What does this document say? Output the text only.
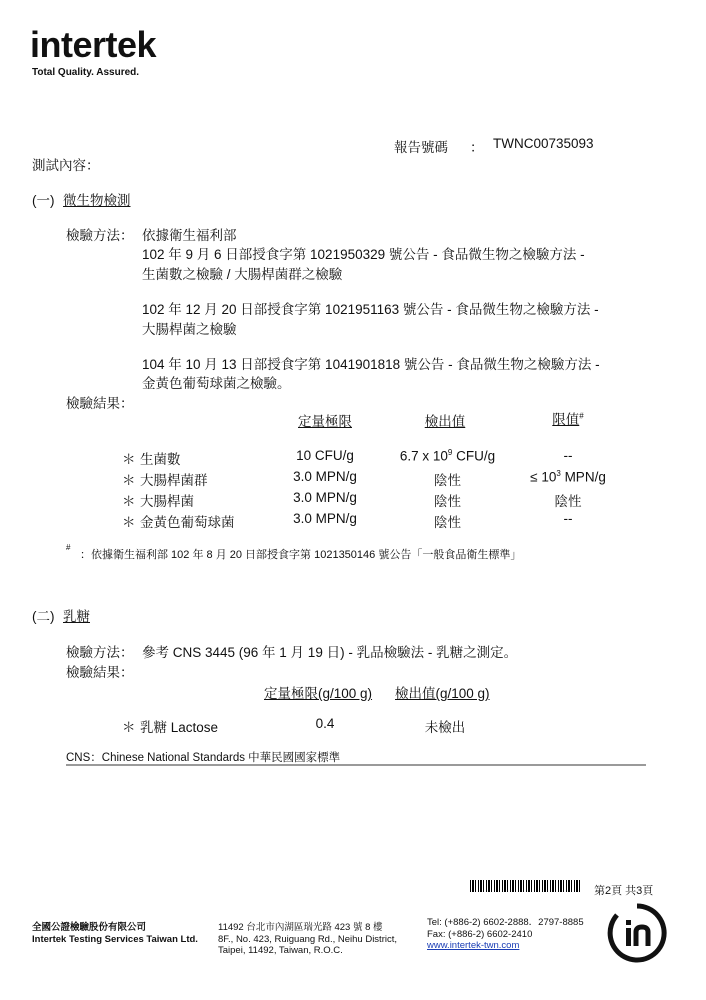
intertek
Total Quality. Assured.
報告號碼 ： TWNC00735093
測試內容：
(一) 微生物檢測
檢驗方法： 依據衛生福利部
102 年 9 月 6 日部授食字第 1021950329 號公告 - 食品微生物之檢驗方法 -
生菌數之檢驗 / 大腸桿菌群之檢驗
102 年 12 月 20 日部授食字第 1021951163 號公告 - 食品微生物之檢驗方法 -
大腸桿菌之檢驗
104 年 10 月 13 日部授食字第 1041901818 號公告 - 食品微生物之檢驗方法 -
金黃色葡萄球菌之檢驗。
檢驗結果：
定量極限	檢出值	限值#
＊ 生菌數	10 CFU/g	6.7 x $10^9$ CFU/g	--
＊ 大腸桿菌群	3.0 MPN/g	陰性	≤ $10^3$ MPN/g
＊ 大腸桿菌	3.0 MPN/g	陰性	陰性
＊ 金黃色葡萄球菌	3.0 MPN/g	陰性	--
#
：依據衛生福利部 102 年 8 月 20 日部授食字第 1021350146 號公告「一般食品衛生標準」
(二) 乳糖
檢驗方法： 參考 CNS 3445 (96 年 1 月 19 日) - 乳品檢驗法 - 乳糖之測定。
檢驗結果：
定量極限(g/100 g) 檢出值(g/100 g)
＊ 乳糖 Lactose	0.4	未檢出
CNS：Chinese National Standards 中華民國國家標準
第2頁 共3頁
全國公證檢驗股份有限公司
Intertek Testing Services Taiwan Ltd.
11492 台北市內湖區瑞光路 423 號 8 樓
8F., No. 423, Ruiguang Rd., Neihu District,
Taipei, 11492, Taiwan, R.O.C.
Tel: (+886-2) 6602-2888．2797-8885
Fax: (+886-2) 6602-2410
www.intertek-twn.com
